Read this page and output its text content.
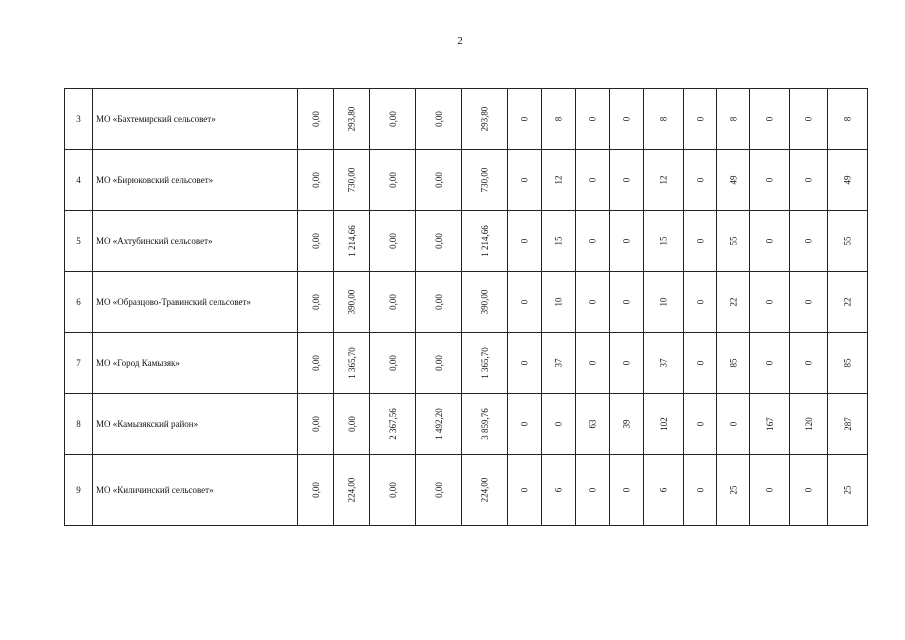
2
3	МО «Бахтемирский сельсовет»	0,00	293,80	0,00	0,00	293,80	0	8	0	0	8	0	8	0	0	8
4	МО «Бирюковский сельсовет»	0,00	730,00	0,00	0,00	730,00	0	12	0	0	12	0	49	0	0	49
5	МО «Ахтубинский сельсовет»	0,00	1 214,66	0,00	0,00	1 214,66	0	15	0	0	15	0	55	0	0	55
6	МО «Образцово-Травинский сельсовет»	0,00	390,00	0,00	0,00	390,00	0	10	0	0	10	0	22	0	0	22
7	МО «Город Камызяк»	0,00	1 365,70	0,00	0,00	1 365,70	0	37	0	0	37	0	85	0	0	85
8	МО «Камызякский район»	0,00	0,00	2 367,56	1 492,20	3 859,76	0	0	63	39	102	0	0	167	120	287
9	МО «Киличинский сельсовет»	0,00	224,00	0,00	0,00	224,00	0	6	0	0	6	0	25	0	0	25
